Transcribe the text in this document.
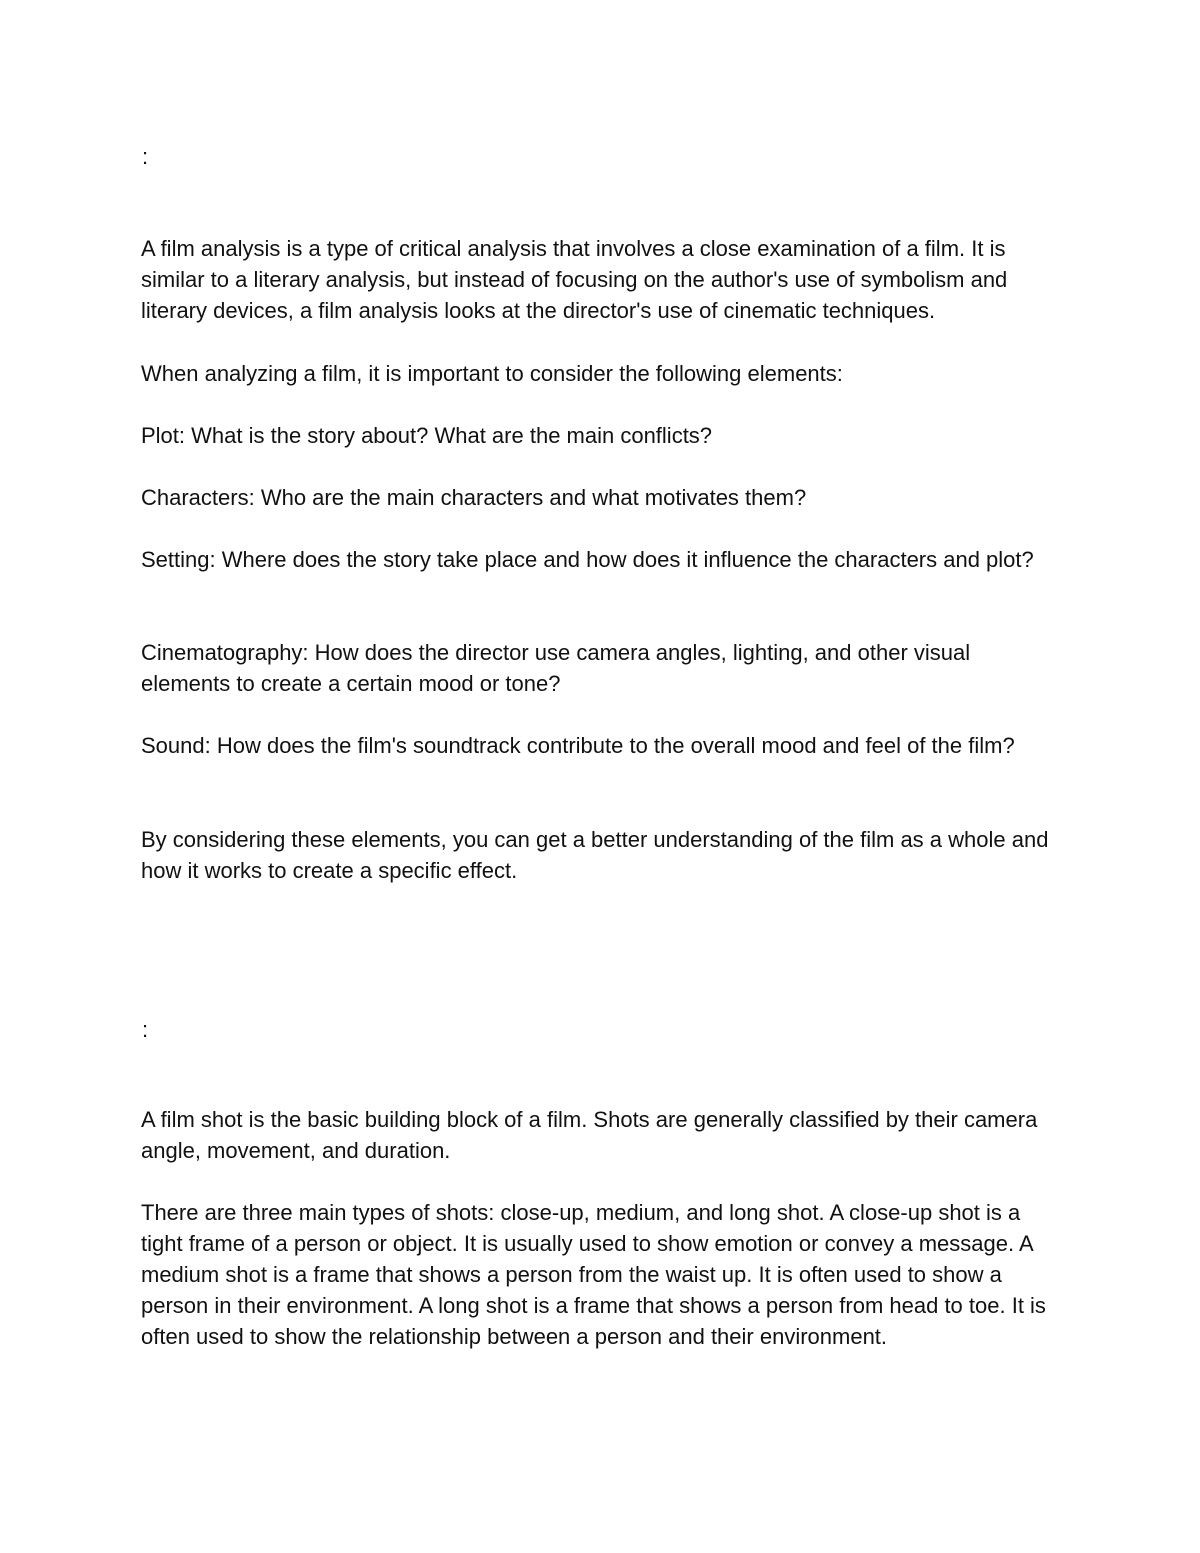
:

A film analysis is a type of critical analysis that involves a close examination of a film. It is similar to a literary analysis, but instead of focusing on the author's use of symbolism and literary devices, a film analysis looks at the director's use of cinematic techniques.

When analyzing a film, it is important to consider the following elements:

Plot: What is the story about? What are the main conflicts?

Characters: Who are the main characters and what motivates them?

Setting: Where does the story take place and how does it influence the characters and plot?

Cinematography: How does the director use camera angles, lighting, and other visual elements to create a certain mood or tone?

Sound: How does the film's soundtrack contribute to the overall mood and feel of the film?

By considering these elements, you can get a better understanding of the film as a whole and how it works to create a specific effect.

:

A film shot is the basic building block of a film. Shots are generally classified by their camera angle, movement, and duration.

There are three main types of shots: close-up, medium, and long shot. A close-up shot is a tight frame of a person or object. It is usually used to show emotion or convey a message. A medium shot is a frame that shows a person from the waist up. It is often used to show a person in their environment. A long shot is a frame that shows a person from head to toe. It is often used to show the relationship between a person and their environment.
